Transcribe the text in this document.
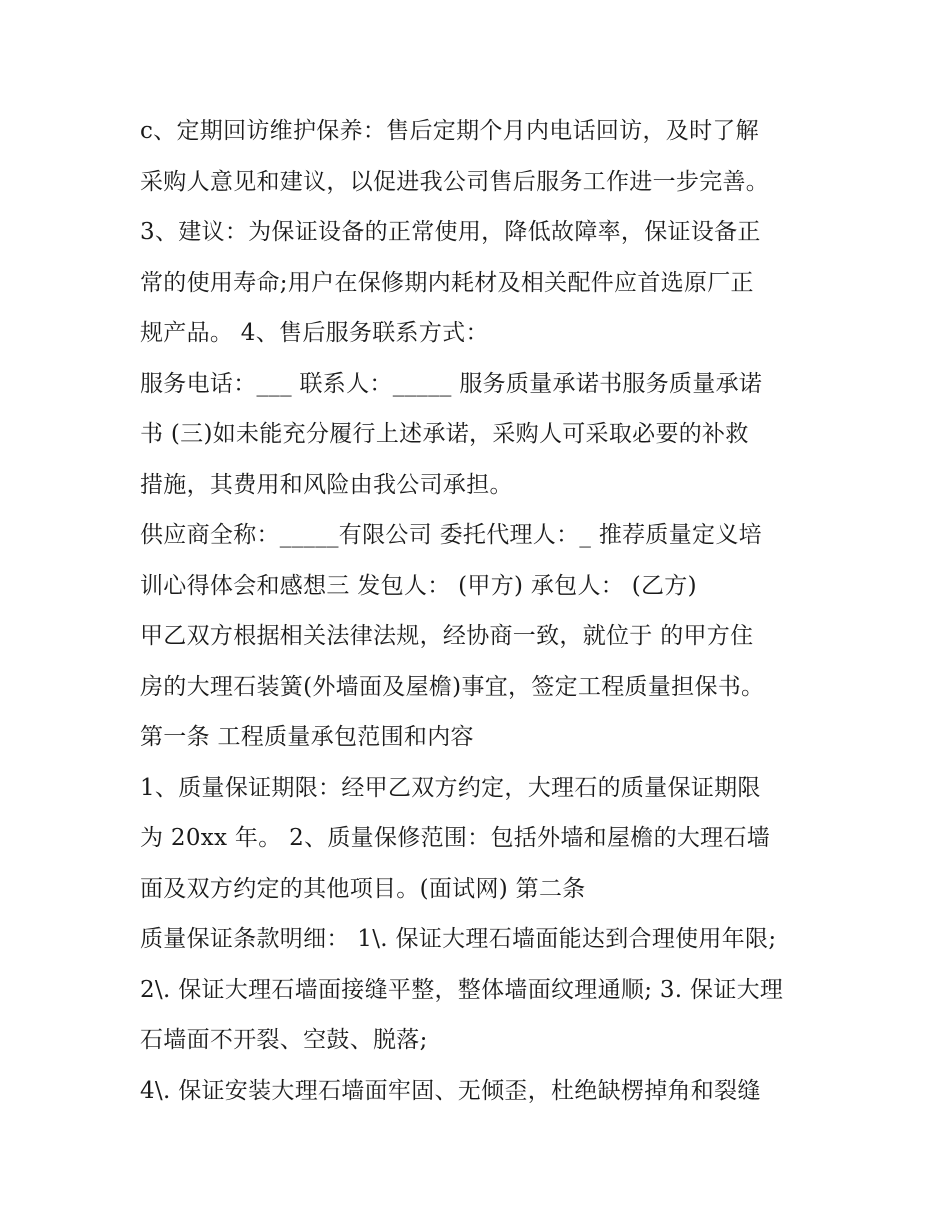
c、定期回访维护保养：售后定期个月内电话回访，及时了解
采购人意见和建议，以促进我公司售后服务工作进一步完善。
3、建议：为保证设备的正常使用，降低故障率，保证设备正
常的使用寿命;用户在保修期内耗材及相关配件应首选原厂正
规产品。 4、售后服务联系方式：
服务电话：___ 联系人：_____ 服务质量承诺书服务质量承诺
书 (三)如未能充分履行上述承诺，采购人可采取必要的补救
措施，其费用和风险由我公司承担。
供应商全称：_____有限公司 委托代理人：_ 推荐质量定义培
训心得体会和感想三 发包人： (甲方) 承包人： (乙方)
甲乙双方根据相关法律法规，经协商一致，就位于 的甲方住
房的大理石装簧(外墙面及屋檐)事宜，签定工程质量担保书。
第一条 工程质量承包范围和内容
1、质量保证期限：经甲乙双方约定，大理石的质量保证期限
为 20xx 年。 2、质量保修范围：包括外墙和屋檐的大理石墙
面及双方约定的其他项目。(面试网) 第二条
质量保证条款明细： 1\. 保证大理石墙面能达到合理使用年限;
2\. 保证大理石墙面接缝平整，整体墙面纹理通顺; 3. 保证大理
石墙面不开裂、空鼓、脱落;
4\. 保证安装大理石墙面牢固、无倾歪，杜绝缺楞掉角和裂缝
